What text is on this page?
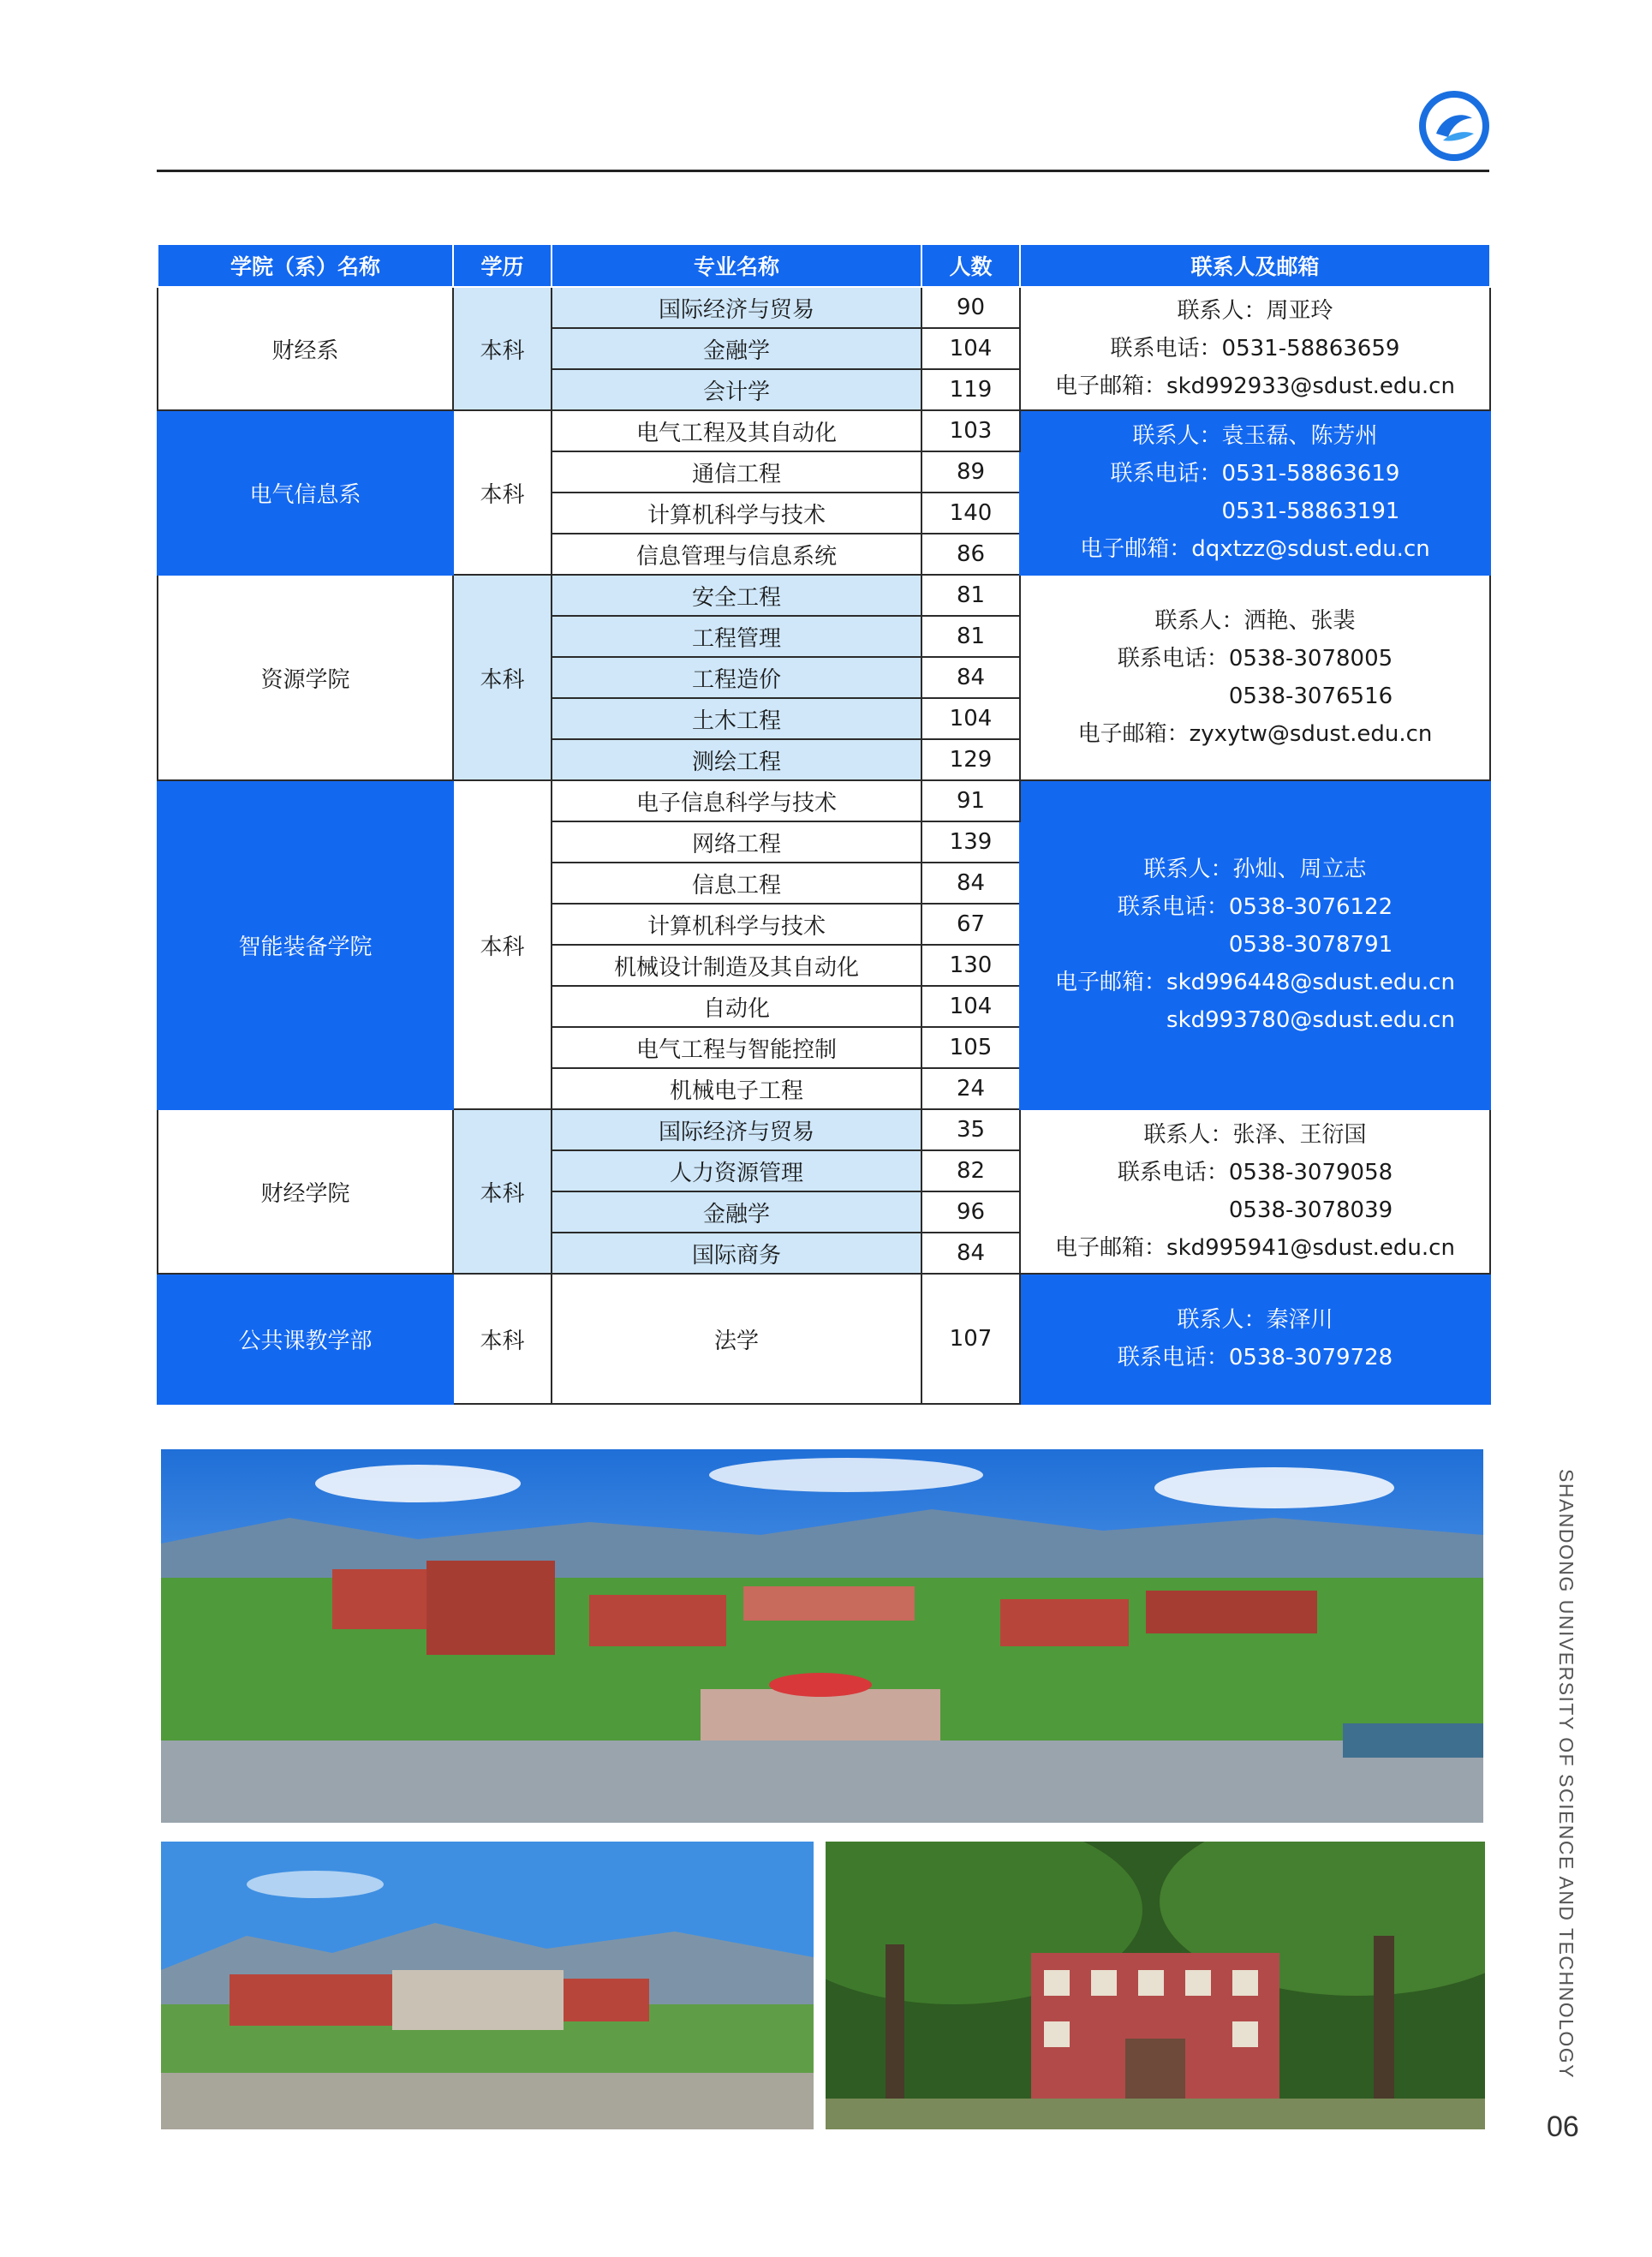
学院（系）名称	学历	专业名称	人数	联系人及邮箱
财经系	本科	国际经济与贸易	90	联系人：周亚玲
联系电话：0531-58863659
电子邮箱：skd992933@sdust.edu.cn

		金融学	104	
		会计学	119	
电气信息系	本科	电气工程及其自动化	103	联系人：袁玉磊、陈芳州
联系电话：0531-58863619
0531-58863191
电子邮箱：dqxtzz@sdust.edu.cn

		通信工程	89	
		计算机科学与技术	140	
		信息管理与信息系统	86	
资源学院	本科	安全工程	81	联系人：洒艳、张裴
联系电话：0538-3078005
0538-3076516
电子邮箱：zyxytw@sdust.edu.cn

		工程管理	81	
		工程造价	84	
		土木工程	104	
		测绘工程	129	
智能装备学院	本科	电子信息科学与技术	91	联系人：孙灿、周立志
联系电话：0538-3076122
0538-3078791
电子邮箱：skd996448@sdust.edu.cn
skd993780@sdust.edu.cn

		网络工程	139	
		信息工程	84	
		计算机科学与技术	67	
		机械设计制造及其自动化	130	
		自动化	104	
		电气工程与智能控制	105	
		机械电子工程	24	
财经学院	本科	国际经济与贸易	35	联系人：张泽、王衍国
联系电话：0538-3079058
0538-3078039
电子邮箱：skd995941@sdust.edu.cn

		人力资源管理	82	
		金融学	96	
		国际商务	84	
公共课教学部	本科	法学	107	联系人：秦泽川
联系电话：0538-3079728
SHANDONG UNIVERSITY OF SCIENCE AND TECHNOLOGY
06
